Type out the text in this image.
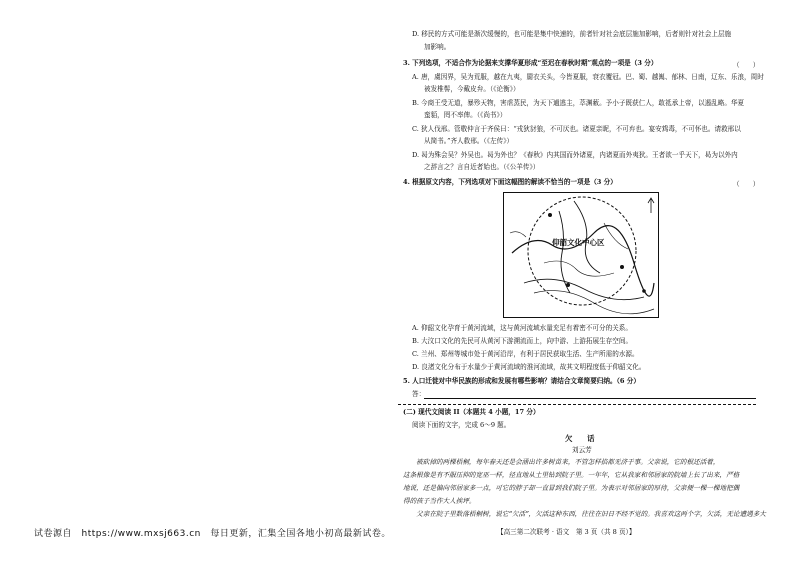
D. 移民的方式可能是渐次缓慢的，也可能是集中快速的，前者针对社会底层施加影响，后者则针对社会上层施
加影响。
3. 下列选项，不适合作为论据来支撑华夏形成“至迟在春秋时期”观点的一项是（3 分）	（　　）
A. 唐，虞因界，吴为荒服，越在九夷，罽衣关头，今皆夏服，衰衣覆冠。巴、蜀、越嶲、郁林、日南，辽东、乐浪，周时
被发椎髻，今戴皮弁。（《论衡》）
B. 今商王受无道，暴殄天物，害虐蒸民，为天下逋逃主，萃渊薮。予小子既获仁人，敢祗承上帝，以遏乱略。华夏
蛮貊，罔不率俾。（《尚书》）
C. 狄人伐邢。管敬仲言于齐侯曰：“戎狄豺狼，不可厌也。诸夏亲昵，不可弃也。宴安鸩毒，不可怀也。请救邢以
从简书。”齐人救邢。（《左传》）
D. 曷为殊会吴？外吴也。曷为外也？《春秋》内其国而外诸夏，内诸夏而外夷狄。王者欲一乎天下，曷为以外内
之辞言之？言自近者始也。（《公羊传》）
4. 根据原文内容，下列选项对下面这幅图的解读不恰当的一项是（3 分）	（　　）
仰韶文化中心区
A. 仰韶文化孕育于黄河流域，这与黄河流域水量充足有着密不可分的关系。
B. 大汶口文化的先民可从黄河下游溯流而上，向中游、上游拓展生存空间。
C. 兰州、郑州等城市处于黄河沿岸，有利于居民获取生活、生产所需的水源。
D. 良渚文化分布于水量少于黄河流域的淮河流域，故其文明程度低于仰韶文化。
5. 人口迁徙对中华民族的形成和发展有哪些影响？请结合文章简要归纳。（6 分）
答：
(二) 现代文阅读 II（本题共 4 小题，17 分）
阅读下面的文字，完成 6～9 题。
欠　　话
刘云芳
　　被砍掉的两棵梧桐，每年春天还是会涌出许多树苗来，不管怎样掐都无济于事。父亲说，它的根还活着，
这条根像是有不服压抑的宽巫一样，径直地从土里钻到院子里。一年年，它从我家和邻居家的院墙上长了出来，严格
地说，还是偏向邻居家多一点，可它的脖子却一直冒到我们院子里。为表示对邻居家的厚待，父亲便一棵一棵地把偶
得的孩子当作大人挨坪。
　　父亲在院子里数落梧桐树，说它“欠活”，欠活这种东西，往往在旧日不经不觉的。我喜欢这两个字，欠活，无论遭遇多大
试卷源自　https://www.mxsj663.cn　每日更新，汇集全国各地小初高最新试卷。	【高三第二次联考 · 语文　第 3 页（共 8 页）】
